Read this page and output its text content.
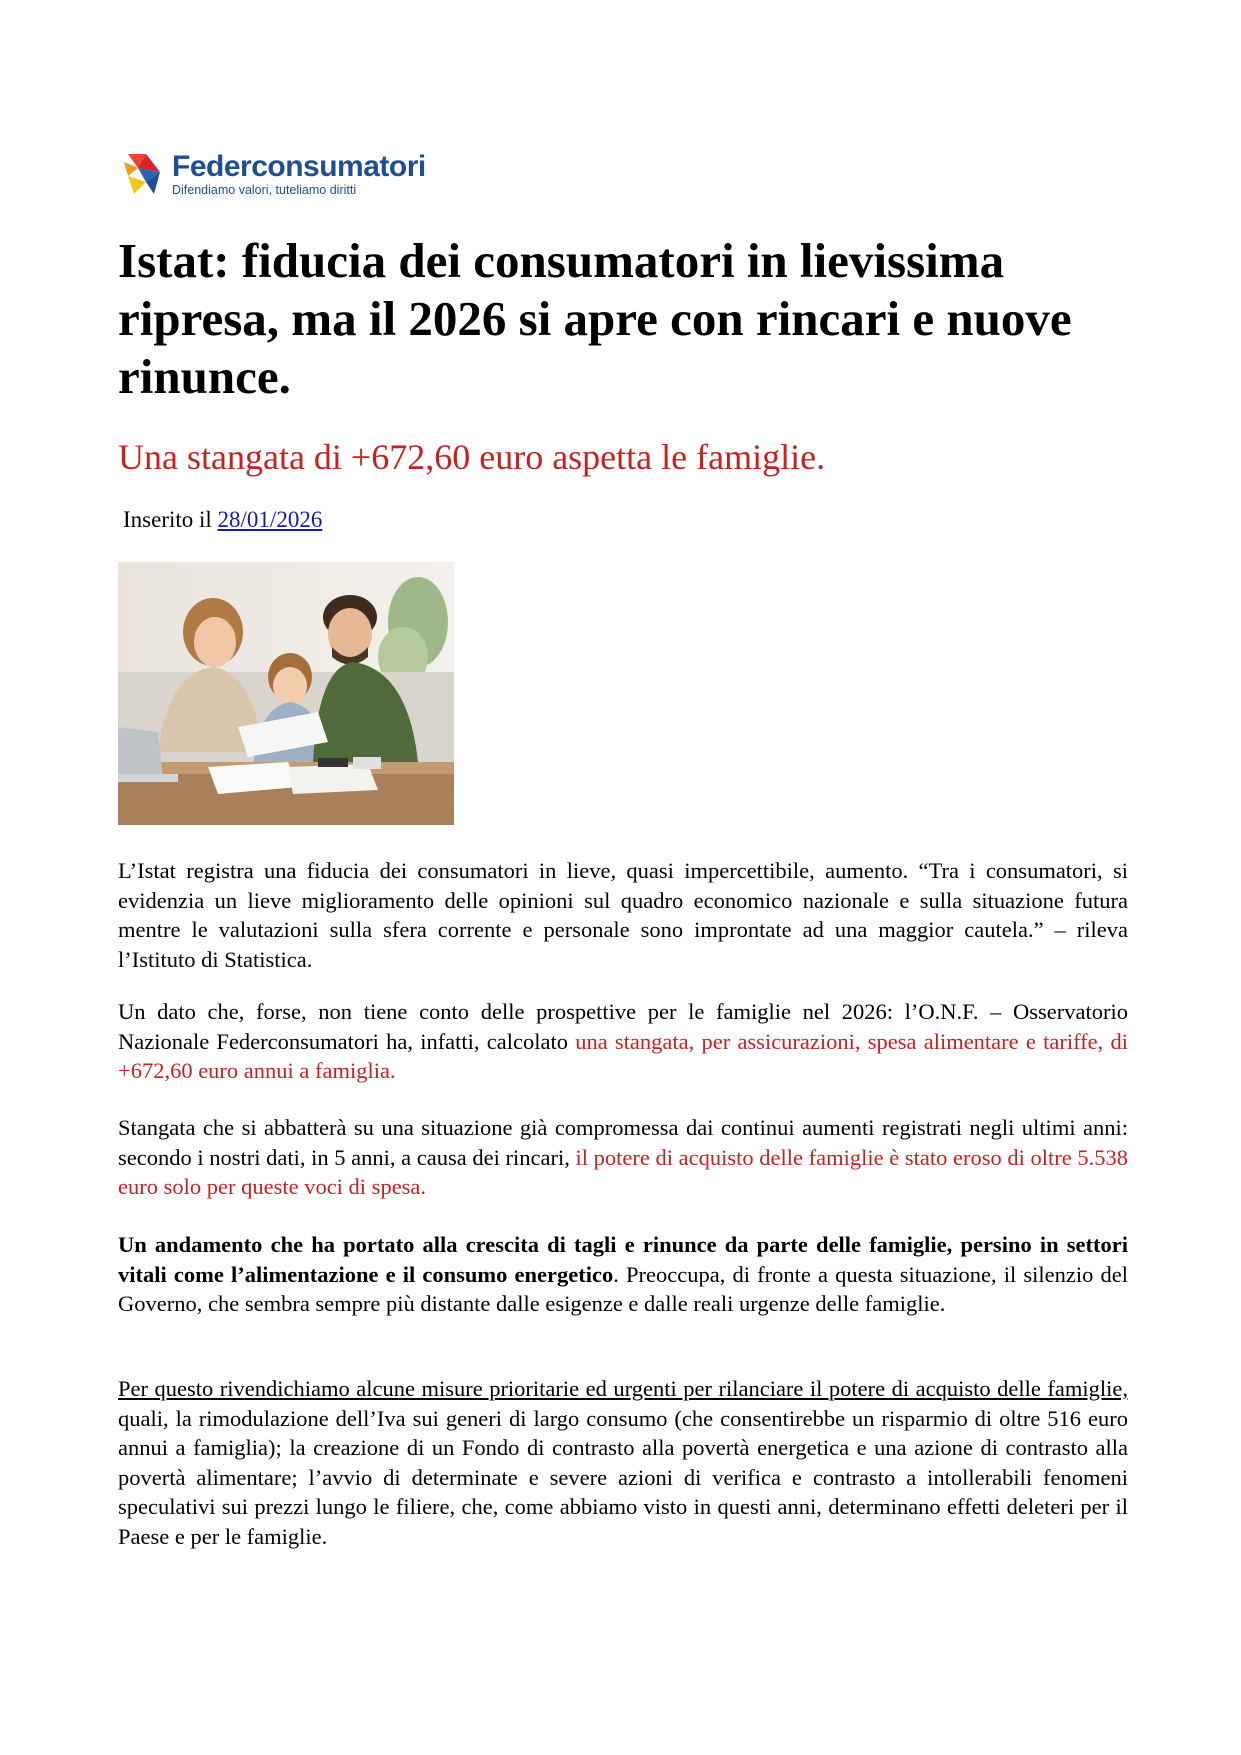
Federconsumatori
Difendiamo valori, tuteliamo diritti
Istat: fiducia dei consumatori in lievissima ripresa, ma il 2026 si apre con rincari e nuove rinunce.
Una stangata di +672,60 euro aspetta le famiglie.
Inserito il 28/01/2026

L’Istat registra una fiducia dei consumatori in lieve, quasi impercettibile, aumento. “Tra i consumatori, si evidenzia un lieve miglioramento delle opinioni sul quadro economico nazionale e sulla situazione futura mentre le valutazioni sulla sfera corrente e personale sono improntate ad una maggior cautela.” – rileva l’Istituto di Statistica.

Un dato che, forse, non tiene conto delle prospettive per le famiglie nel 2026: l’O.N.F. – Osservatorio Nazionale Federconsumatori ha, infatti, calcolato una stangata, per assicurazioni, spesa alimentare e tariffe, di +672,60 euro annui a famiglia.

Stangata che si abbatterà su una situazione già compromessa dai continui aumenti registrati negli ultimi anni: secondo i nostri dati, in 5 anni, a causa dei rincari, il potere di acquisto delle famiglie è stato eroso di oltre 5.538 euro solo per queste voci di spesa.

Un andamento che ha portato alla crescita di tagli e rinunce da parte delle famiglie, persino in settori vitali come l’alimentazione e il consumo energetico. Preoccupa, di fronte a questa situazione, il silenzio del Governo, che sembra sempre più distante dalle esigenze e dalle reali urgenze delle famiglie.

Per questo rivendichiamo alcune misure prioritarie ed urgenti per rilanciare il potere di acquisto delle famiglie, quali, la rimodulazione dell’Iva sui generi di largo consumo (che consentirebbe un risparmio di oltre 516 euro annui a famiglia); la creazione di un Fondo di contrasto alla povertà energetica e una azione di contrasto alla povertà alimentare; l’avvio di determinate e severe azioni di verifica e contrasto a intollerabili fenomeni speculativi sui prezzi lungo le filiere, che, come abbiamo visto in questi anni, determinano effetti deleteri per il Paese e per le famiglie.
